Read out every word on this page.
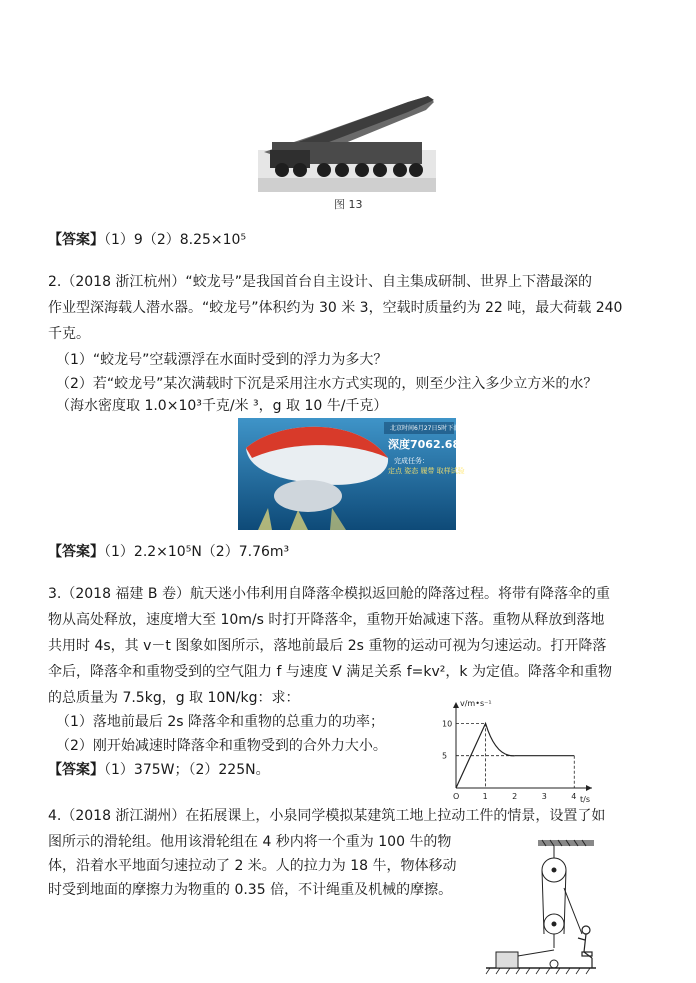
图 13
【答案】（1）9（2）8.25×10⁵
2.（2018 浙江杭州）“蛟龙号”是我国首台自主设计、自主集成研制、世界上下潜最深的
作业型深海载人潜水器。“蛟龙号”体积约为 30 米 3，空载时质量约为 22 吨，最大荷载 240
千克。
（1）“蛟龙号”空载漂浮在水面时受到的浮力为多大？
（2）若“蛟龙号”某次满载时下沉是采用注水方式实现的，则至少注入多少立方米的水？
（海水密度取 1.0×10³千克/米 ³，g 取 10 牛/千克）
北京时间6月27日5时下潜
深度7062.68米
完成任务：
定点 姿态 履带 取样试验
【答案】（1）2.2×10⁵N（2）7.76m³
3.（2018 福建 B 卷）航天迷小伟利用自降落伞模拟返回舱的降落过程。将带有降落伞的重
物从高处释放，速度增大至 10m/s 时打开降落伞，重物开始减速下落。重物从释放到落地
共用时 4s，其 v－t 图象如图所示，落地前最后 2s 重物的运动可视为匀速运动。打开降落
伞后，降落伞和重物受到的空气阻力 f 与速度 V 满足关系 f=kv²，k 为定值。降落伞和重物
的总质量为 7.5kg，g 取 10N/kg：求：
（1）落地前最后 2s 降落伞和重物的总重力的功率；
（2）刚开始减速时降落伞和重物受到的合外力大小。
【答案】（1）375W；（2）225N。
v/m•s⁻¹
t/s
O	1	2	3	4
5
10
4.（2018 浙江湖州）在拓展课上，小泉同学模拟某建筑工地上拉动工件的情景，设置了如
图所示的滑轮组。他用该滑轮组在 4 秒内将一个重为 100 牛的物
体，沿着水平地面匀速拉动了 2 米。人的拉力为 18 牛，物体移动
时受到地面的摩擦力为物重的 0.35 倍，不计绳重及机械的摩擦。
